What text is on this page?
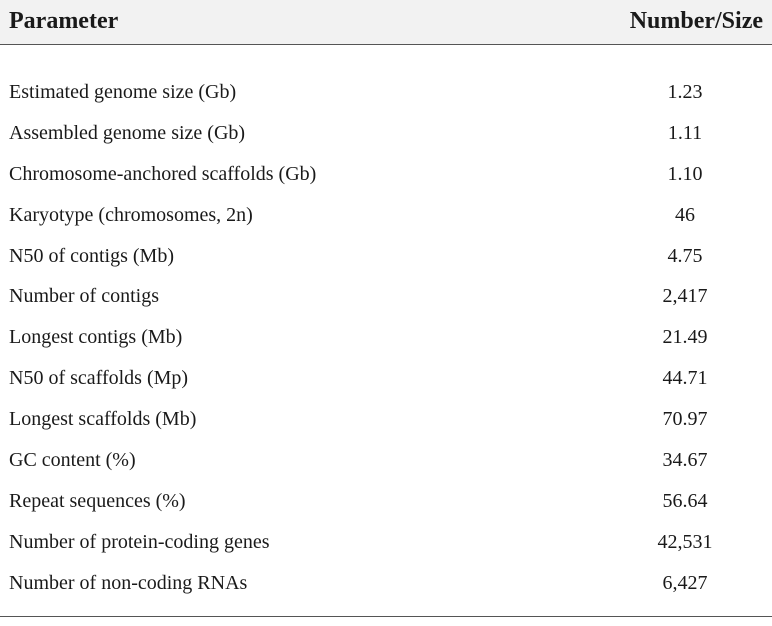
Parameter	Number/Size
Estimated genome size (Gb)	1.23
Assembled genome size (Gb)	1.11
Chromosome-anchored scaffolds (Gb)	1.10
Karyotype (chromosomes, 2n)	46
N50 of contigs (Mb)	4.75
Number of contigs	2,417
Longest contigs (Mb)	21.49
N50 of scaffolds (Mp)	44.71
Longest scaffolds (Mb)	70.97
GC content (%)	34.67
Repeat sequences (%)	56.64
Number of protein-coding genes	42,531
Number of non-coding RNAs	6,427
